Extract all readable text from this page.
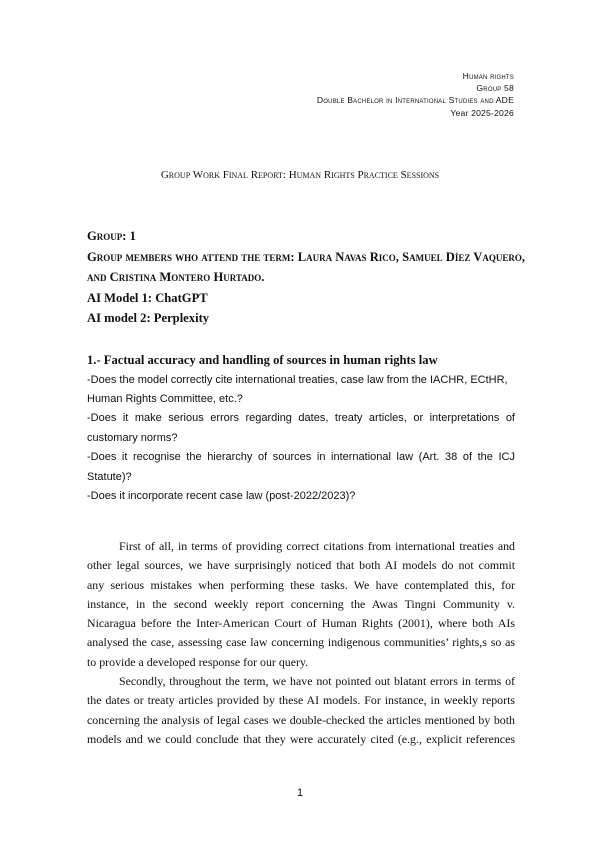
Human rights
Group 58
Double Bachelor in International Studies and ADE
Year 2025-2026
Group Work Final Report: Human Rights Practice Sessions
Group: 1
Group members who attend the term: Laura Navas Rico, Samuel Díez Vaquero,
and Cristina Montero Hurtado.
AI Model 1: ChatGPT
AI model 2: Perplexity
1.- Factual accuracy and handling of sources in human rights law
-Does the model correctly cite international treaties, case law from the IACHR, ECtHR,
Human Rights Committee, etc.?
-Does it make serious errors regarding dates, treaty articles, or interpretations of
customary norms?
-Does it recognise the hierarchy of sources in international law (Art. 38 of the ICJ
Statute)?
-Does it incorporate recent case law (post-2022/2023)?
First of all, in terms of providing correct citations from international treaties and
other legal sources, we have surprisingly noticed that both AI models do not commit
any serious mistakes when performing these tasks. We have contemplated this, for
instance, in the second weekly report concerning the Awas Tingni Community v.
Nicaragua before the Inter-American Court of Human Rights (2001), where both AIs
analysed the case, assessing case law concerning indigenous communities’ rights,s so as
to provide a developed response for our query.
Secondly, throughout the term, we have not pointed out blatant errors in terms of
the dates or treaty articles provided by these AI models. For instance, in weekly reports
concerning the analysis of legal cases we double-checked the articles mentioned by both
models and we could conclude that they were accurately cited (e.g., explicit references
1
